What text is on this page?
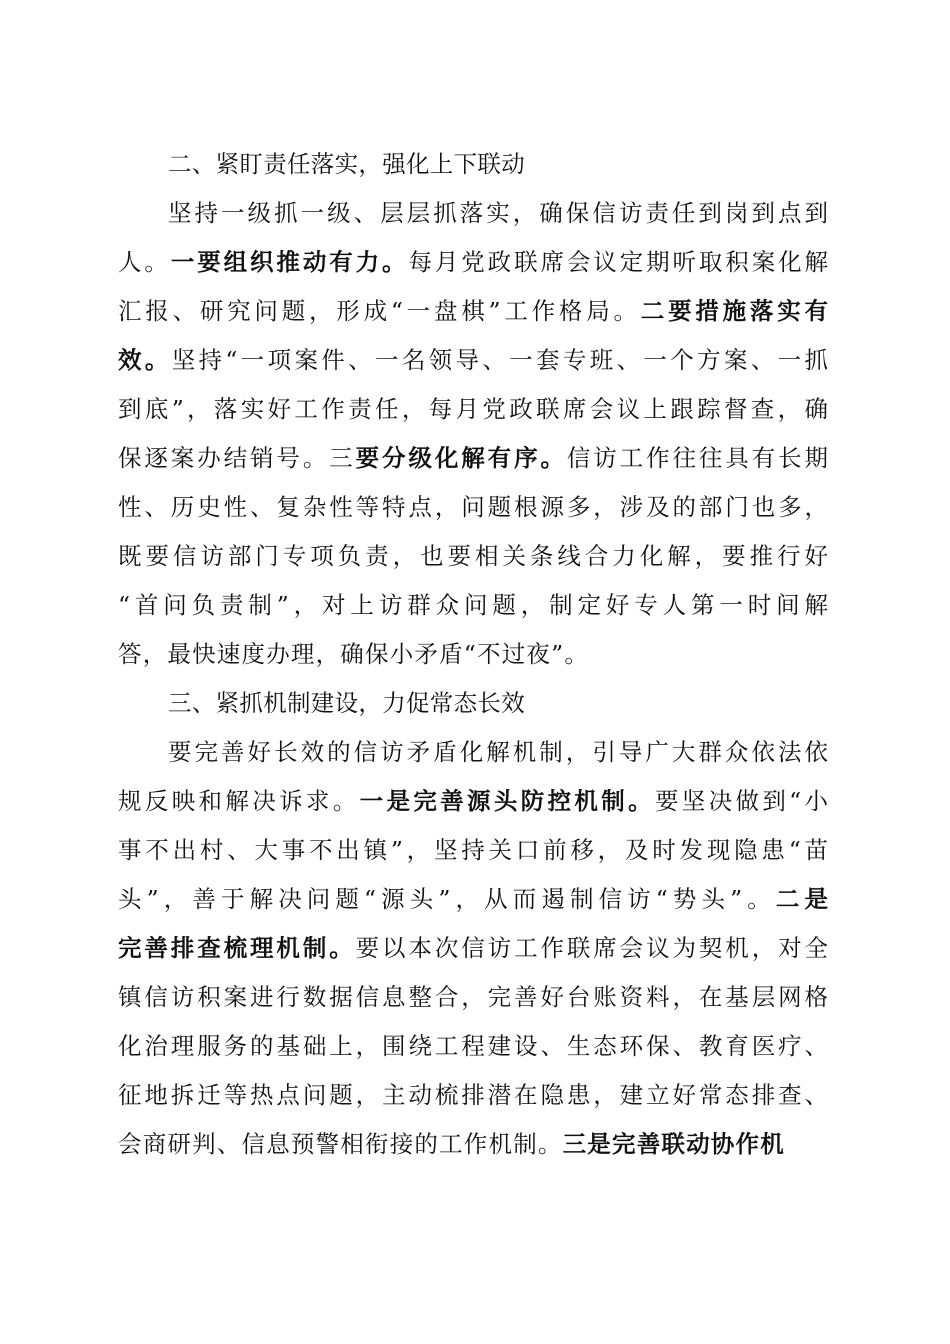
二、紧盯责任落实，强化上下联动
坚持一级抓一级、层层抓落实，确保信访责任到岗到点到
人。一要组织推动有力。每月党政联席会议定期听取积案化解
汇报、研究问题，形成“一盘棋”工作格局。二要措施落实有
效。坚持“一项案件、一名领导、一套专班、一个方案、一抓
到底”，落实好工作责任，每月党政联席会议上跟踪督查，确
保逐案办结销号。三要分级化解有序。信访工作往往具有长期
性、历史性、复杂性等特点，问题根源多，涉及的部门也多，
既要信访部门专项负责，也要相关条线合力化解，要推行好
“首问负责制”，对上访群众问题，制定好专人第一时间解
答，最快速度办理，确保小矛盾“不过夜”。
三、紧抓机制建设，力促常态长效
要完善好长效的信访矛盾化解机制，引导广大群众依法依
规反映和解决诉求。一是完善源头防控机制。要坚决做到“小
事不出村、大事不出镇”，坚持关口前移，及时发现隐患“苗
头”，善于解决问题“源头”，从而遏制信访“势头”。二是
完善排查梳理机制。要以本次信访工作联席会议为契机，对全
镇信访积案进行数据信息整合，完善好台账资料，在基层网格
化治理服务的基础上，围绕工程建设、生态环保、教育医疗、
征地拆迁等热点问题，主动梳排潜在隐患，建立好常态排查、
会商研判、信息预警相衔接的工作机制。三是完善联动协作机
